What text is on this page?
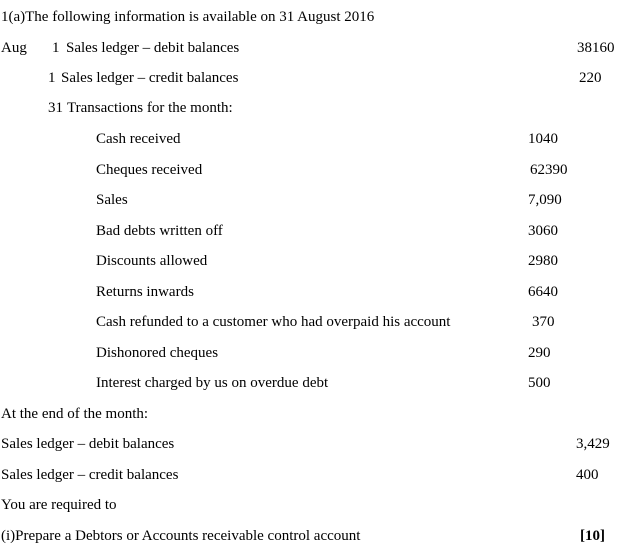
1(a)The following information is available on 31 August 2016
Aug 1 Sales ledger – debit balances	38160
1 Sales ledger – credit balances	220
31 Transactions for the month:
Cash received	1040
Cheques received	62390
Sales	7,090
Bad debts written off	3060
Discounts allowed	2980
Returns inwards	6640
Cash refunded to a customer who had overpaid his account	370
Dishonored cheques	290
Interest charged by us on overdue debt	500
At the end of the month:
Sales ledger – debit balances	3,429
Sales ledger – credit balances	400
You are required to
(i)Prepare a Debtors or Accounts receivable control account	[10]
